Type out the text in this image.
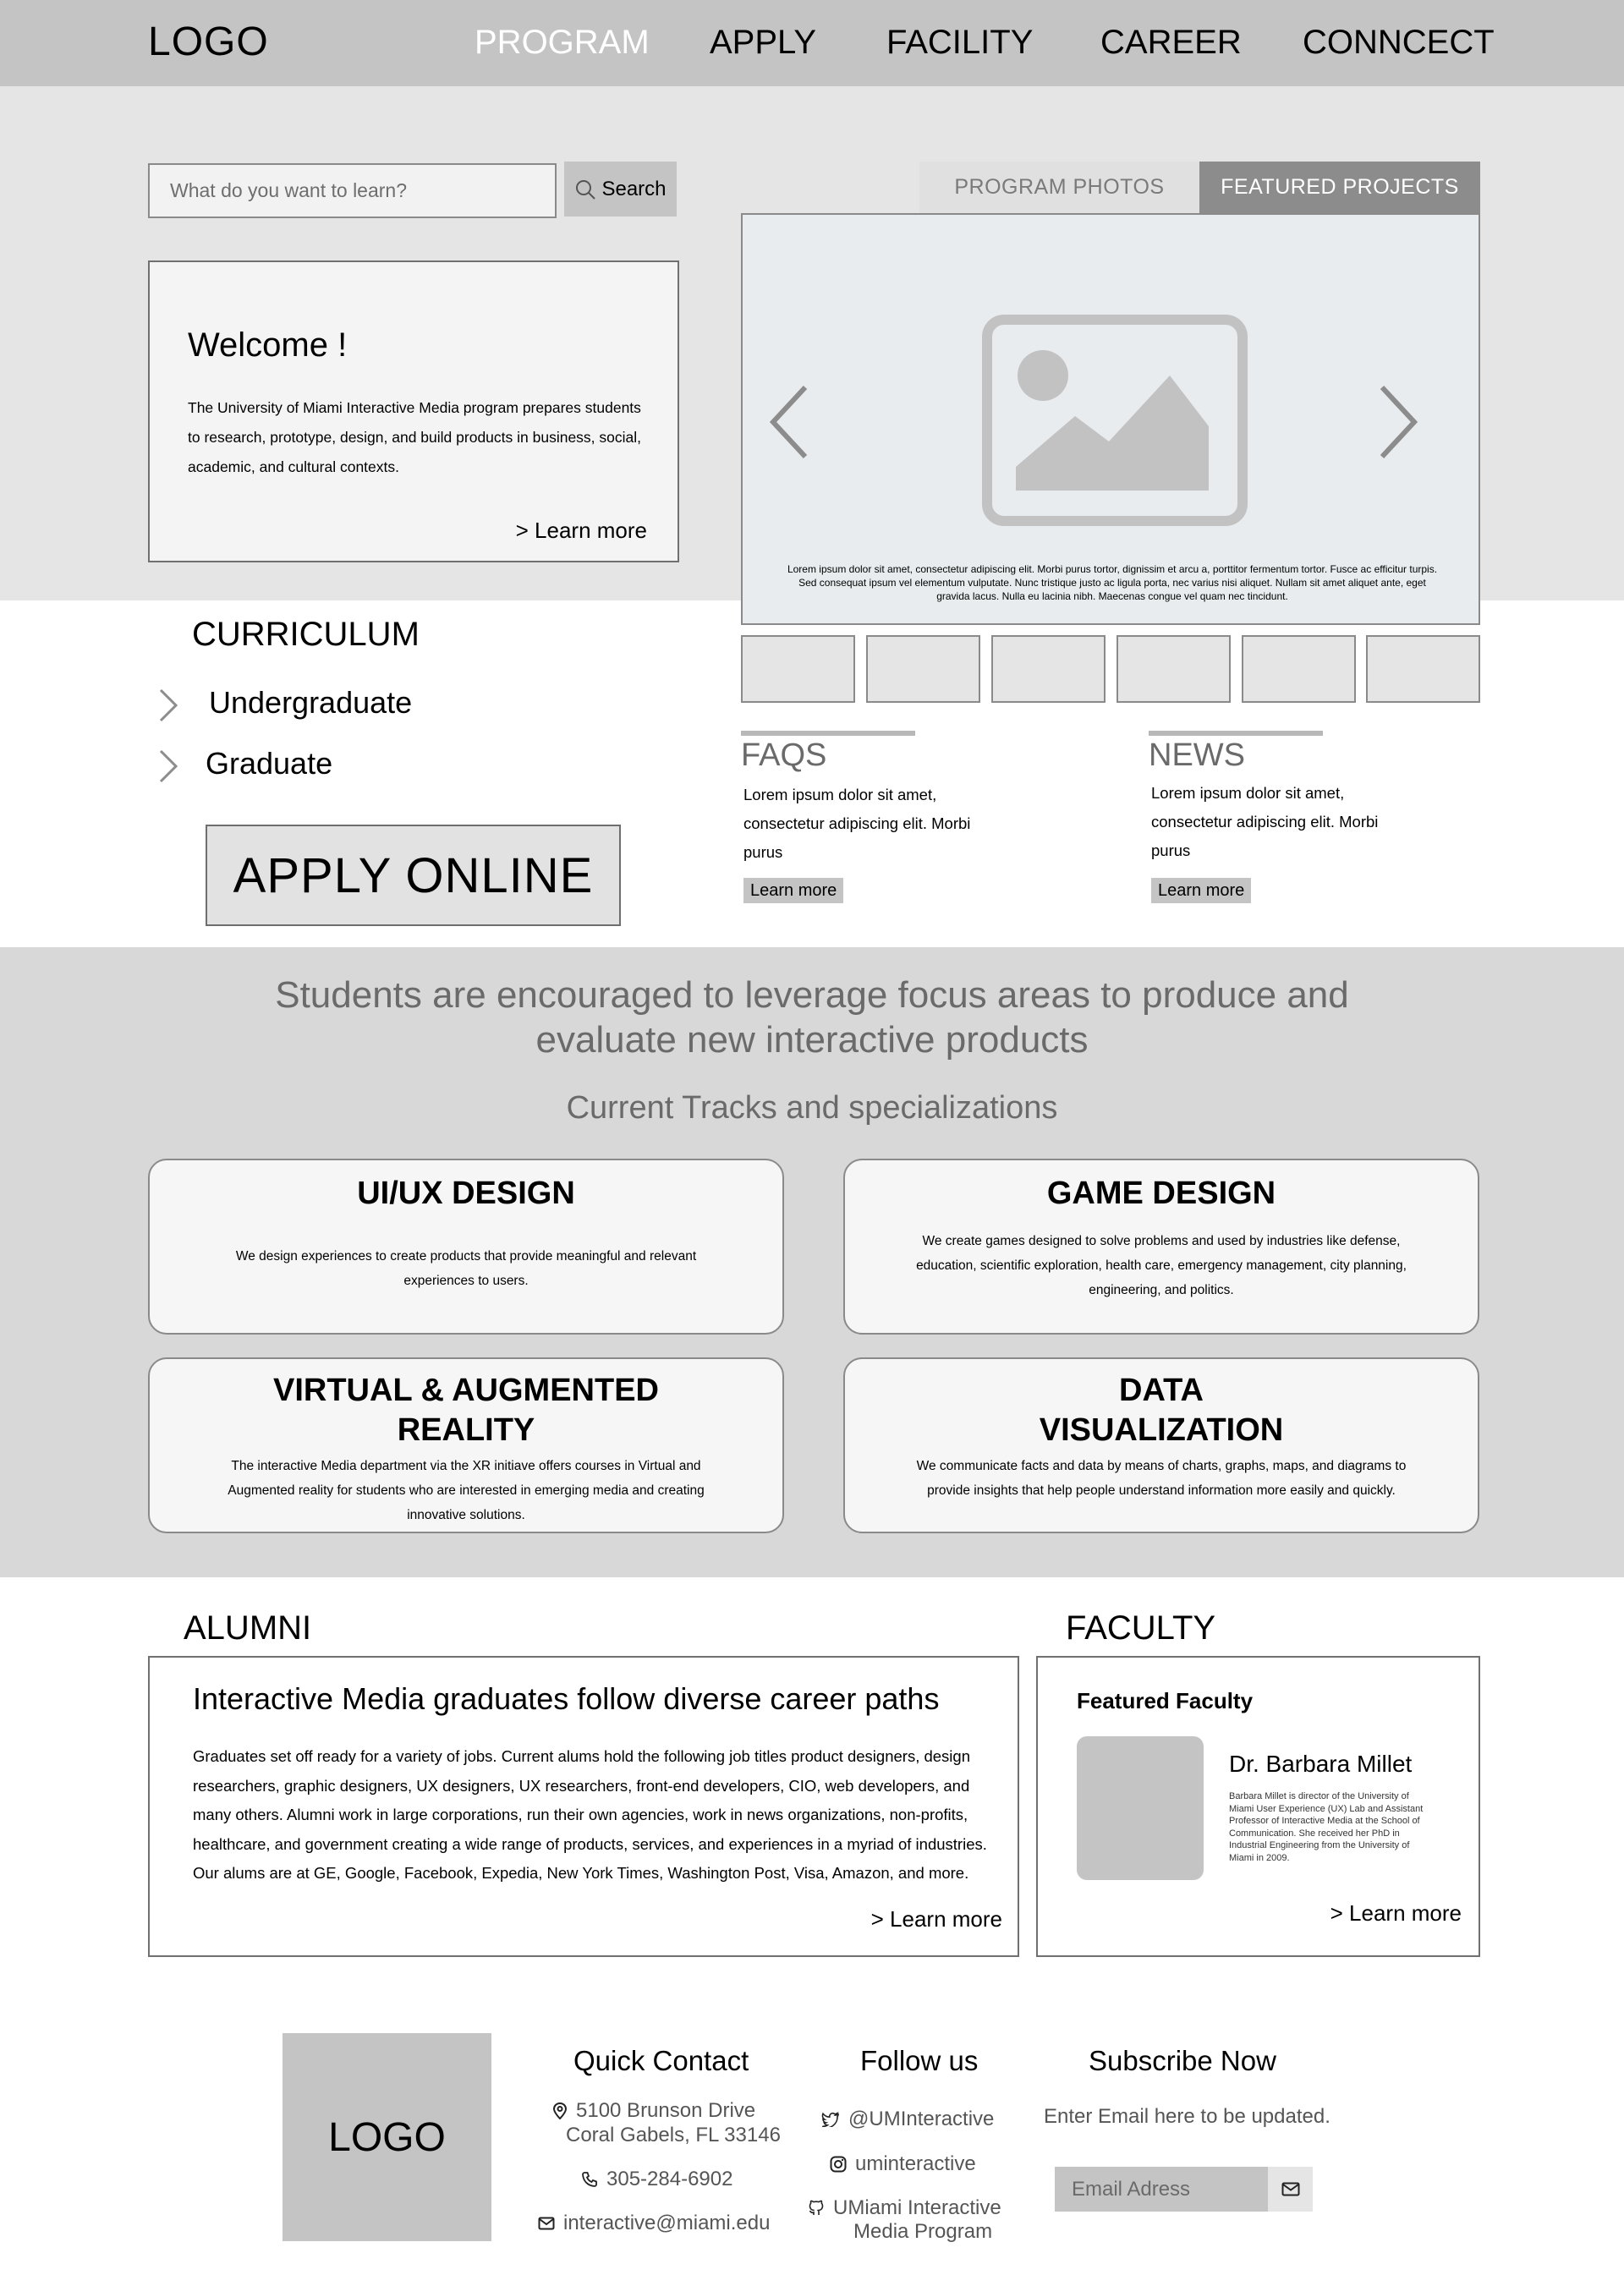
LOGO	PROGRAM APPLY FACILITY CAREER CONNCECT
What do you want to learn?
Search
Welcome !

The University of Miami Interactive Media program prepares students to research, prototype, design, and build products in business, social, academic, and cultural contexts.

> Learn more
PROGRAM PHOTOS	FEATURED PROJECTS
Lorem ipsum dolor sit amet, consectetur adipiscing elit. Morbi purus tortor, dignissim et arcu a, porttitor fermentum tortor. Fusce ac efficitur turpis. Sed consequat ipsum vel elementum vulputate. Nunc tristique justo ac ligula porta, nec varius nisi aliquet. Nullam sit amet aliquet ante, eget gravida lacus. Nulla eu lacinia nibh. Maecenas congue vel quam nec tincidunt.
CURRICULUM
Undergraduate
Graduate
APPLY ONLINE
FAQS
Lorem ipsum dolor sit amet, consectetur adipiscing elit. Morbi purus
Learn more
NEWS
Lorem ipsum dolor sit amet, consectetur adipiscing elit. Morbi purus
Learn more
Students are encouraged to leverage focus areas to produce and evaluate new interactive products
Current Tracks and specializations
UI/UX DESIGN

We design experiences to create products that provide meaningful and relevant experiences to users.

GAME DESIGN

We create games designed to solve problems and used by industries like defense, education, scientific exploration, health care, emergency management, city planning, engineering, and politics.

VIRTUAL & AUGMENTED REALITY

The interactive Media department via the XR initiave offers courses in Virtual and Augmented reality for students who are interested in emerging media and creating innovative solutions.

DATA VISUALIZATION

We communicate facts and data by means of charts, graphs, maps, and diagrams to provide insights that help people understand information more easily and quickly.

ALUMNI
Interactive Media graduates follow diverse career paths

Graduates set off ready for a variety of jobs. Current alums hold the following job titles product designers, design researchers, graphic designers, UX designers, UX researchers, front-end developers, CIO, web developers, and many others. Alumni work in large corporations, run their own agencies, work in news organizations, non-profits, healthcare, and government creating a wide range of products, services, and experiences in a myriad of industries. Our alums are at GE, Google, Facebook, Expedia, New York Times, Washington Post, Visa, Amazon, and more.

> Learn more
FACULTY
Featured Faculty
Dr. Barbara Millet
Barbara Millet is director of the University of Miami User Experience (UX) Lab and Assistant Professor of Interactive Media at the School of Communication. She received her PhD in Industrial Engineering from the University of Miami in 2009.
> Learn more
LOGO
Quick Contact
5100 Brunson Drive
Coral Gabels, FL 33146
305-284-6902
interactive@miami.edu
Follow us
@UMInteractive
uminteractive
UMiami Interactive
Media Program
Subscribe Now
Enter Email here to be updated.
Email Adress
